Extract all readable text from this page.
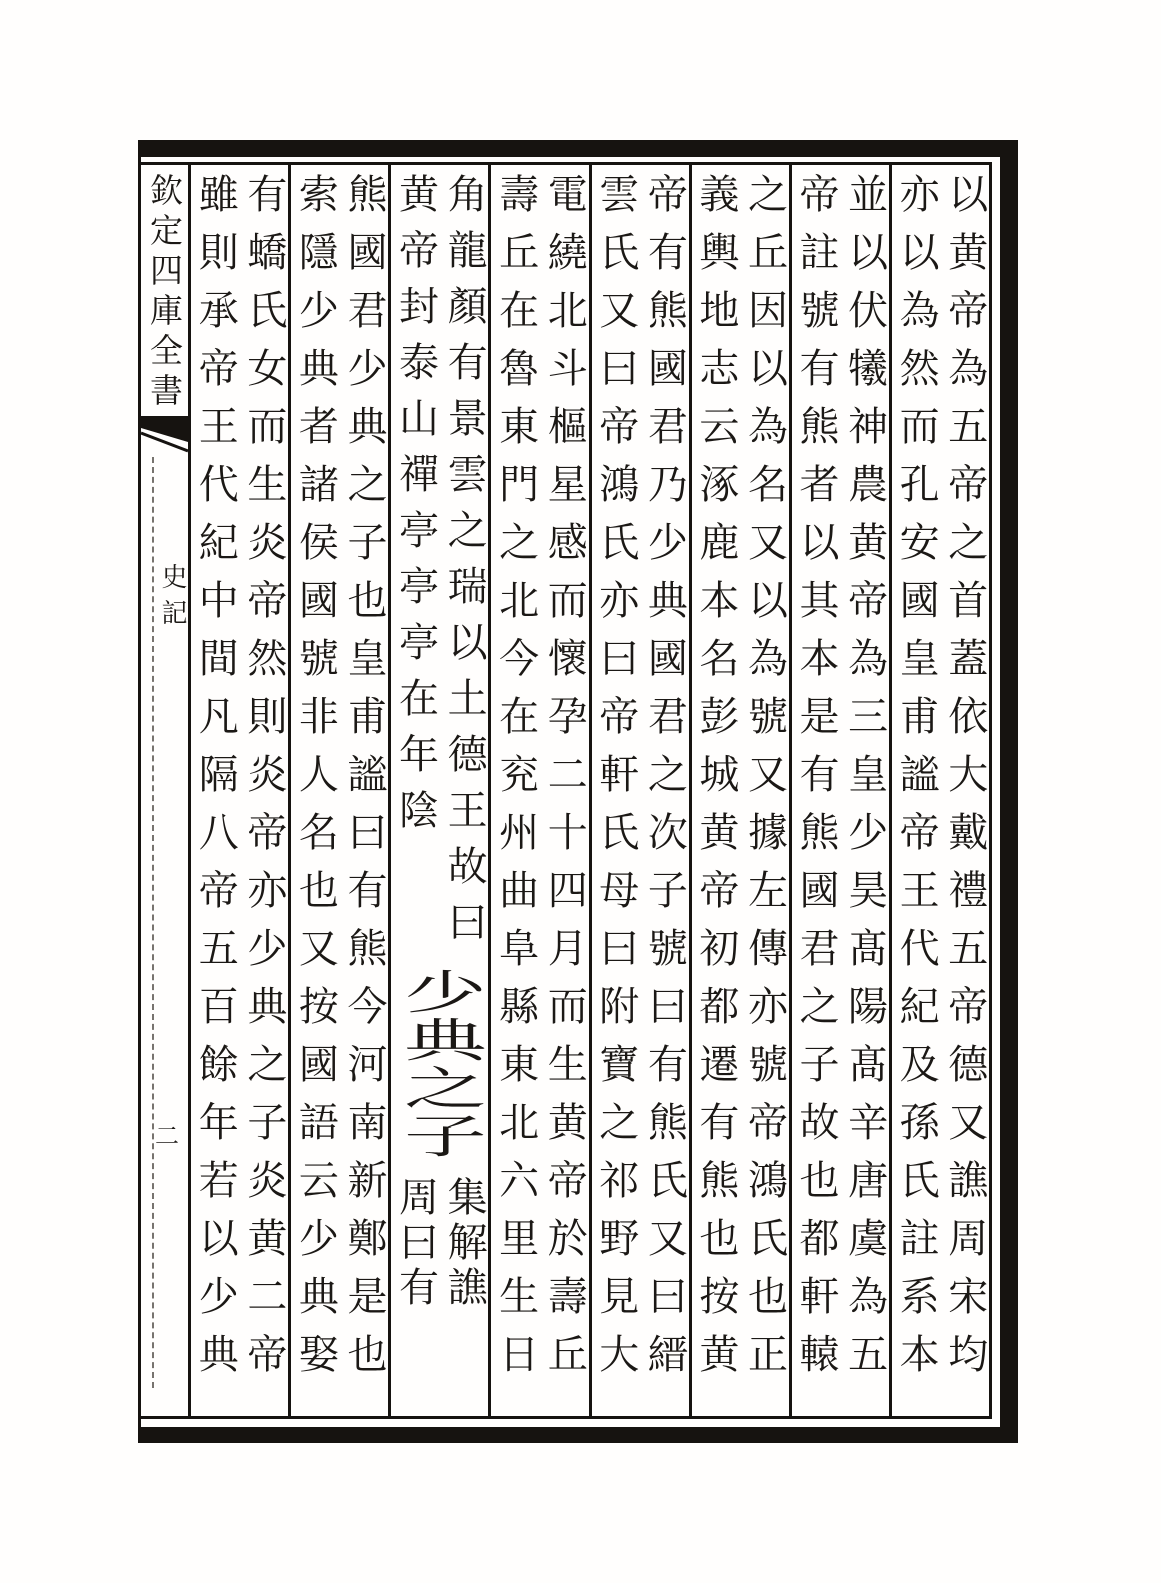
欽定四庫全書
史記
二	以黄帝為五帝之首蓋依大戴禮五帝德又譙周宋均
亦以為然而孔安國皇甫謐帝王代紀及孫氏註系本
並以伏犧神農黄帝為三皇少昊髙陽髙辛唐虞為五
帝註號有熊者以其本是有熊國君之子故也都軒轅
之丘因以為名又以為號又據左傳亦號帝鴻氏也正
義輿地志云涿鹿本名彭城黄帝初都遷有熊也按黄
帝有熊國君乃少典國君之次子號曰有熊氏又曰縉
雲氏又曰帝鴻氏亦曰帝軒氏母曰附寶之祁野見大
電繞北斗樞星感而懷孕二十四月而生黄帝於壽丘
壽丘在魯東門之北今在兖州曲阜縣東北六里生日
角龍顏有景雲之瑞以土德王故曰
黄帝封泰山禪亭亭亭在年陰
少典之子
集解譙
周曰有
熊國君少典之子也皇甫謐曰有熊今河南新鄭是也
索隱少典者諸侯國號非人名也又按國語云少典娶
有蟜氏女而生炎帝然則炎帝亦少典之子炎黄二帝
雖則承帝王代紀中間凡隔八帝五百餘年若以少典
